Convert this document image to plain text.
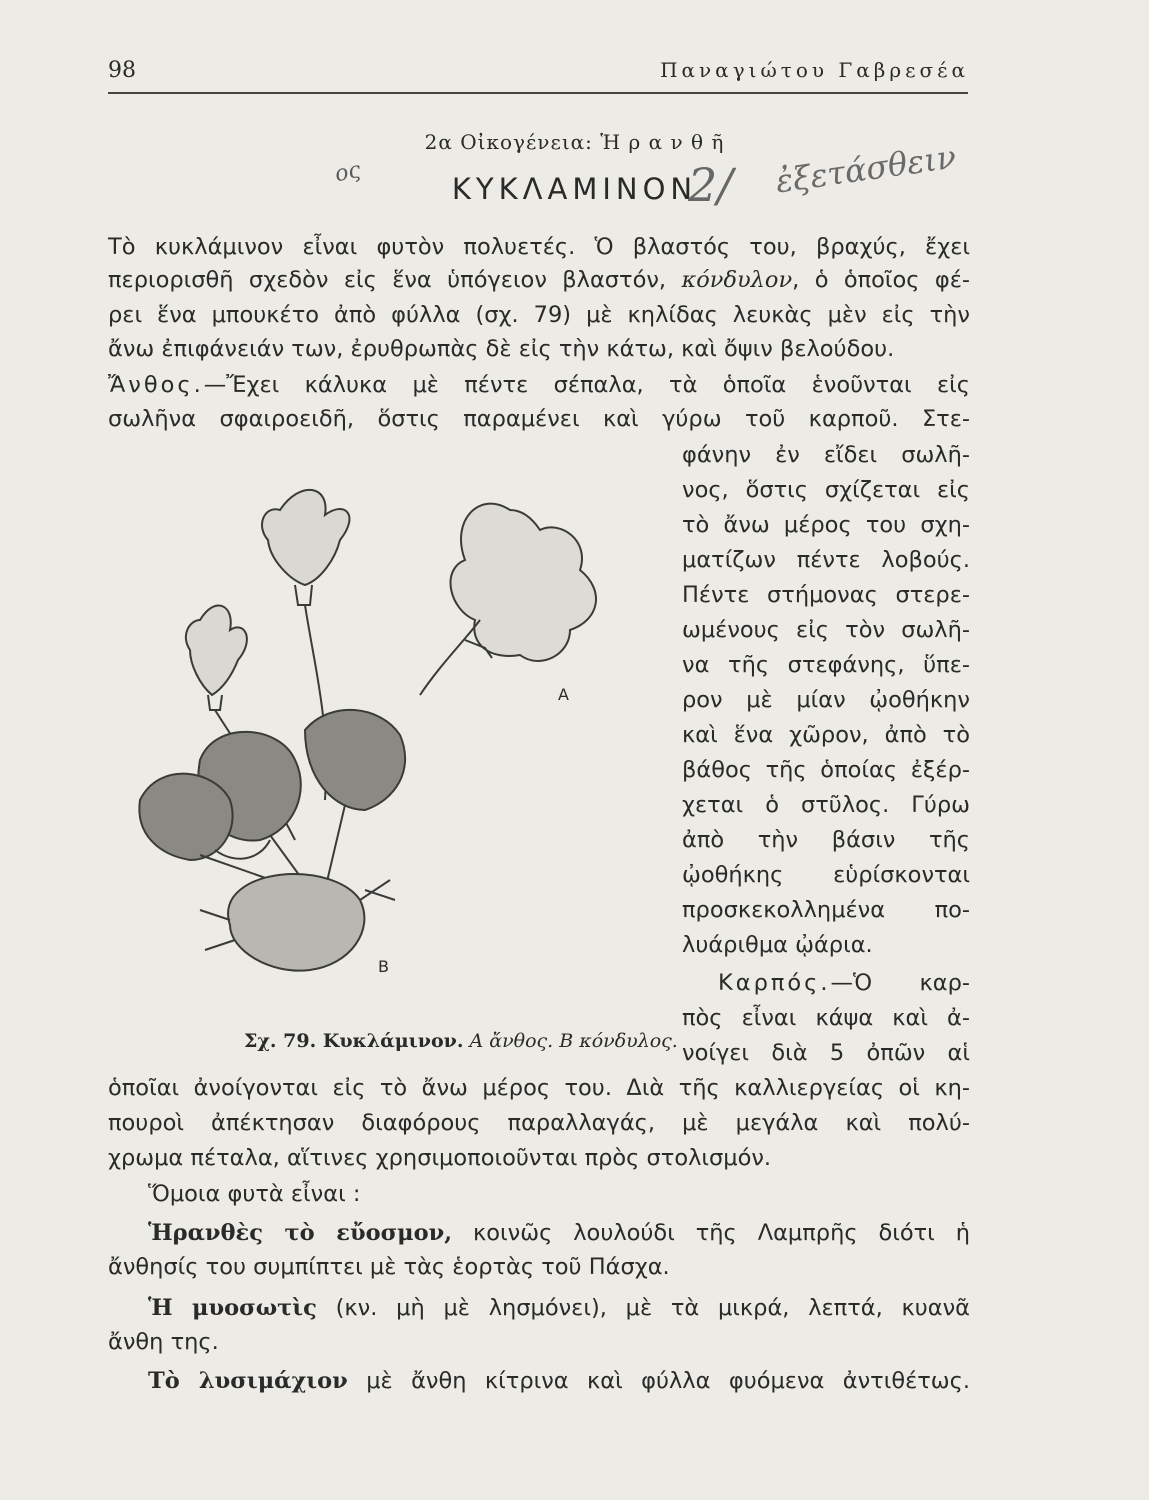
98	Παναγιώτου Γαβρεσέα
2α Οἰκογένεια: Ἡ ρ α ν θ ῆ
ΚΥΚΛΑΜΙΝΟΝ
ος	2/ ἐξετάσθειν
Τὸ κυκλάμινον εἶναι φυτὸν πολυετές. Ὁ βλαστός του, βραχύς, ἔχει
περιορισθῆ σχεδὸν εἰς ἕνα ὑπόγειον βλαστόν, κόνδυλον, ὁ ὁποῖος φέ-
ρει ἕνα μπουκέτο ἀπὸ φύλλα (σχ. 79) μὲ κηλίδας λευκὰς μὲν εἰς τὴν
ἄνω ἐπιφάνειάν των, ἐρυθρωπὰς δὲ εἰς τὴν κάτω, καὶ ὄψιν βελούδου.
Ἄνθος.—Ἔχει κάλυκα μὲ πέντε σέπαλα, τὰ ὁποῖα ἑνοῦνται εἰς
σωλῆνα σφαιροειδῆ, ὅστις παραμένει καὶ γύρω τοῦ καρποῦ. Στε-
φάνην ἐν εἴδει σωλῆ-
νος, ὅστις σχίζεται εἰς
τὸ ἄνω μέρος του σχη-
ματίζων πέντε λοβούς.
Πέντε στήμονας στερε-
ωμένους εἰς τὸν σωλῆ-
να τῆς στεφάνης, ὕπε-
ρον μὲ μίαν ᾠοθήκην
καὶ ἕνα χῶρον, ἀπὸ τὸ
βάθος τῆς ὁποίας ἐξέρ-
χεται ὁ στῦλος. Γύρω
ἀπὸ τὴν βάσιν τῆς
ᾠοθήκης εὑρίσκονται
προσκεκολλημένα πο-
λυάριθμα ᾠάρια.
Καρπός.—Ὁ καρ-
πὸς εἶναι κάψα καὶ ἀ-
νοίγει διὰ 5 ὀπῶν αἱ
ὁποῖαι ἀνοίγονται εἰς τὸ ἄνω μέρος του. Διὰ τῆς καλλιεργείας οἱ κη-
πουροὶ ἀπέκτησαν διαφόρους παραλλαγάς, μὲ μεγάλα καὶ πολύ-
χρωμα πέταλα, αἵτινες χρησιμοποιοῦνται πρὸς στολισμόν.
Ὅμοια φυτὰ εἶναι :
Ἡρανθὲς τὸ εὔοσμον, κοινῶς λουλούδι τῆς Λαμπρῆς διότι ἡ
ἄνθησίς του συμπίπτει μὲ τὰς ἑορτὰς τοῦ Πάσχα.
Ἡ μυοσωτὶς (κν. μὴ μὲ λησμόνει), μὲ τὰ μικρά, λεπτά, κυανᾶ
ἄνθη της.
Τὸ λυσιμάχιον μὲ ἄνθη κίτρινα καὶ φύλλα φυόμενα ἀντιθέτως.
Α
Β
Σχ. 79. Κυκλάμινον. Α ἄνθος. Β κόνδυλος.
